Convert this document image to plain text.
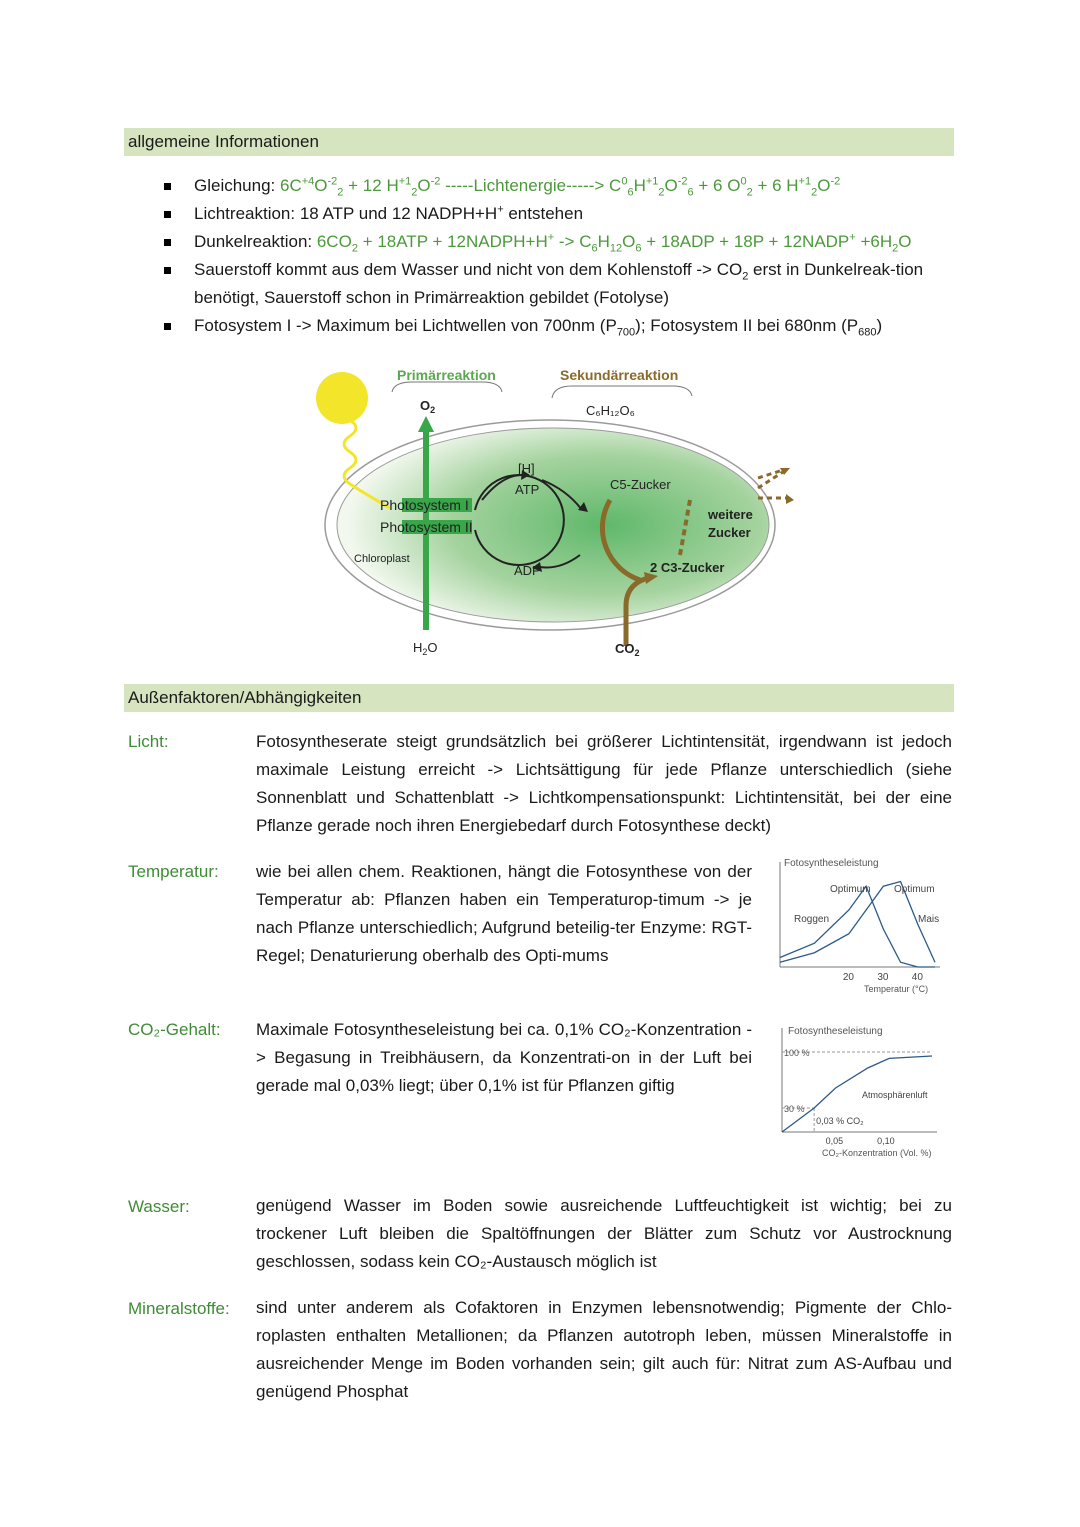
allgemeine Informationen
Gleichung: $6C^{+4}O^{-2}_2 + 12$ $H^{+1}_2O^{-2}$ -----Lichtenergie-----> $C^0_6H^{+1}_2O^{-2}_6 + 6$ $O^0_2 + 6$ $H^{+1}_2O^{-2}$
Lichtreaktion: 18 ATP und 12 NADPH+H+ entstehen
Dunkelreaktion: $6CO_2 + 18ATP$ + 12NADPH+H+ -> $C_6H_{12}O_6 + 18ADP + 18P$ + 12NADP+ $+6H_2O$
Sauerstoff kommt aus dem Wasser und nicht von dem Kohlenstoff -> $CO_2$ erst in Dunkelreak-tion benötigt, Sauerstoff schon in Primärreaktion gebildet (Fotolyse)
Fotosystem I -> Maximum bei Lichtwellen von 700nm $(P_{700})$; Fotosystem II bei 680nm $(P_{680})$
Primärreaktion	Sekundärreaktion
$O_2$	C₆H₁₂O₆
Photosystem I
Photosystem II
Chloroplast
$H_2O$
[H]
ATP
ADP
C5-Zucker
weitere
Zucker
2 C3-Zucker
$CO_2$
Außenfaktoren/Abhängigkeiten
Licht:	Fotosyntheserate steigt grundsätzlich bei größerer Lichtintensität, irgendwann ist jedoch maximale Leistung erreicht -> Lichtsättigung für jede Pflanze unterschiedlich (siehe Sonnenblatt und Schattenblatt -> Lichtkompensationspunkt: Lichtintensität, bei der eine Pflanze gerade noch ihren Energiebedarf durch Fotosynthese deckt)
Temperatur: wie bei allen chem. Reaktionen, hängt die Fotosynthese von der Temperatur ab: Pflanzen haben ein Temperaturop-timum -> je nach Pflanze unterschiedlich; Aufgrund beteilig-ter Enzyme: RGT-Regel; Denaturierung oberhalb des Opti-mums
Fotosyntheseleistung
Roggen	Mais
Optimum Optimum
20 30 40
Temperatur (°C)
CO₂-Gehalt: Maximale Fotosyntheseleistung bei ca. 0,1% CO₂-Konzentration -> Begasung in Treibhäusern, da Konzentrati-on in der Luft bei gerade mal 0,03% liegt; über 0,1% ist für Pflanzen giftig
Fotosyntheseleistung
100 %
30 %
Atmosphärenluft
0,03 % CO₂
0,05	0,10
CO₂-Konzentration (Vol. %)
Wasser:	genügend Wasser im Boden sowie ausreichende Luftfeuchtigkeit ist wichtig; bei zu trockener Luft bleiben die Spaltöffnungen der Blätter zum Schutz vor Austrocknung geschlossen, sodass kein CO₂-Austausch möglich ist
Mineralstoffe: sind unter anderem als Cofaktoren in Enzymen lebensnotwendig; Pigmente der Chlo-roplasten enthalten Metallionen; da Pflanzen autotroph leben, müssen Mineralstoffe in ausreichender Menge im Boden vorhanden sein; gilt auch für: Nitrat zum AS-Aufbau und genügend Phosphat
